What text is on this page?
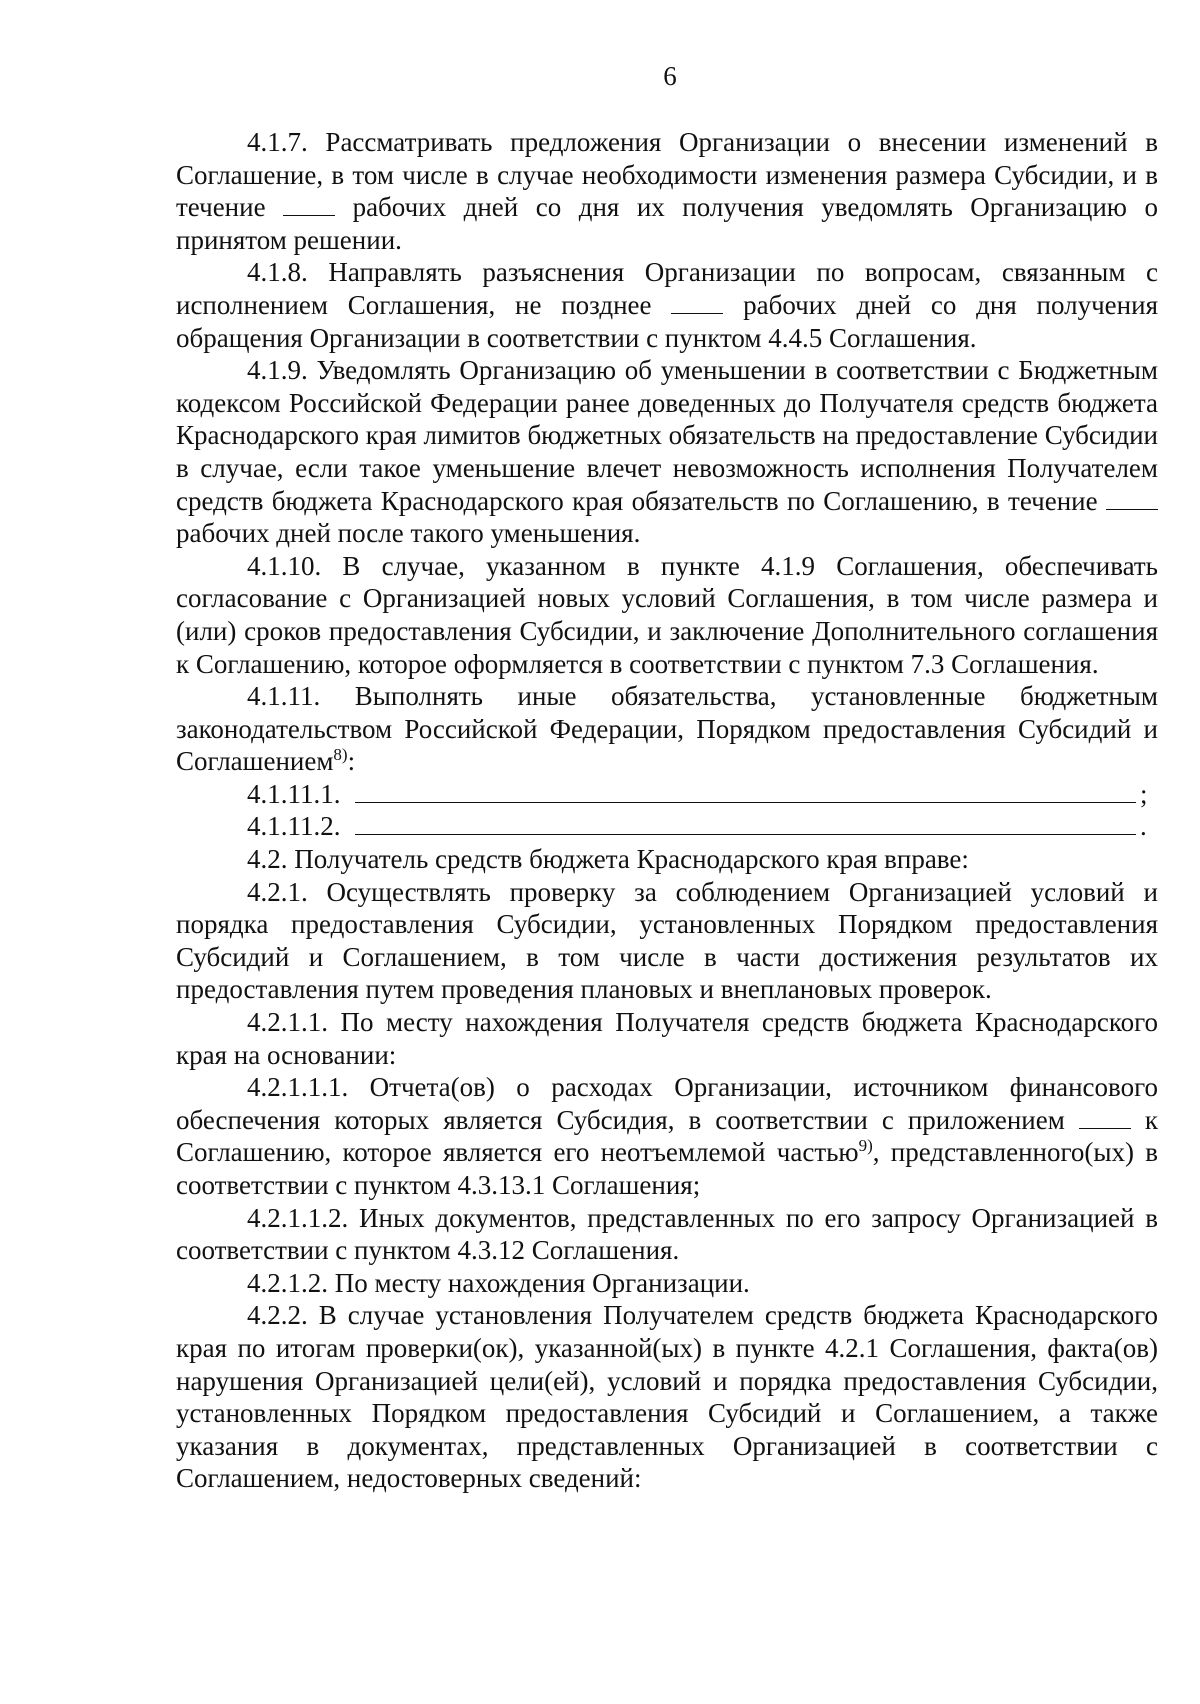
6

4.1.7. Рассматривать предложения Организации о внесении изменений в Соглашение, в том числе в случае необходимости изменения размера Субсидии, и в течение  рабочих дней со дня их получения уведомлять Организацию о принятом решении.

4.1.8. Направлять разъяснения Организации по вопросам, связанным с исполнением Соглашения, не позднее  рабочих дней со дня получения обращения Организации в соответствии с пунктом 4.4.5 Соглашения.

4.1.9. Уведомлять Организацию об уменьшении в соответствии с Бюджетным кодексом Российской Федерации ранее доведенных до Получателя средств бюджета Краснодарского края лимитов бюджетных обязательств на предоставление Субсидии в случае, если такое уменьшение влечет невозможность исполнения Получателем средств бюджета Краснодарского края обязательств по Соглашению, в течение  рабочих дней после такого уменьшения.

4.1.10. В случае, указанном в пункте 4.1.9 Соглашения, обеспечивать согласование с Организацией новых условий Соглашения, в том числе размера и (или) сроков предоставления Субсидии, и заключение Дополнительного соглашения к Соглашению, которое оформляется в соответствии с пунктом 7.3 Соглашения.

4.1.11. Выполнять иные обязательства, установленные бюджетным законодательством Российской Федерации, Порядком предоставления Субсидий и Соглашением$^{8)}$:

4.1.11.1.	;
4.1.11.2.	.

4.2. Получатель средств бюджета Краснодарского края вправе:

4.2.1. Осуществлять проверку за соблюдением Организацией условий и порядка предоставления Субсидии, установленных Порядком предоставления Субсидий и Соглашением, в том числе в части достижения результатов их предоставления путем проведения плановых и внеплановых проверок.

4.2.1.1. По месту нахождения Получателя средств бюджета Краснодарского края на основании:

4.2.1.1.1. Отчета(ов) о расходах Организации, источником финансового обеспечения которых является Субсидия, в соответствии с приложением  к Соглашению, которое является его неотъемлемой частью$^{9)}$, представленного(ых) в соответствии с пунктом 4.3.13.1 Соглашения;

4.2.1.1.2. Иных документов, представленных по его запросу Организацией в соответствии с пунктом 4.3.12 Соглашения.

4.2.1.2. По месту нахождения Организации.

4.2.2. В случае установления Получателем средств бюджета Краснодарского края по итогам проверки(ок), указанной(ых) в пункте 4.2.1 Соглашения, факта(ов) нарушения Организацией цели(ей), условий и порядка предоставления Субсидии, установленных Порядком предоставления Субсидий и Соглашением, а также указания в документах, представленных Организацией в соответствии с Соглашением, недостоверных сведений:
